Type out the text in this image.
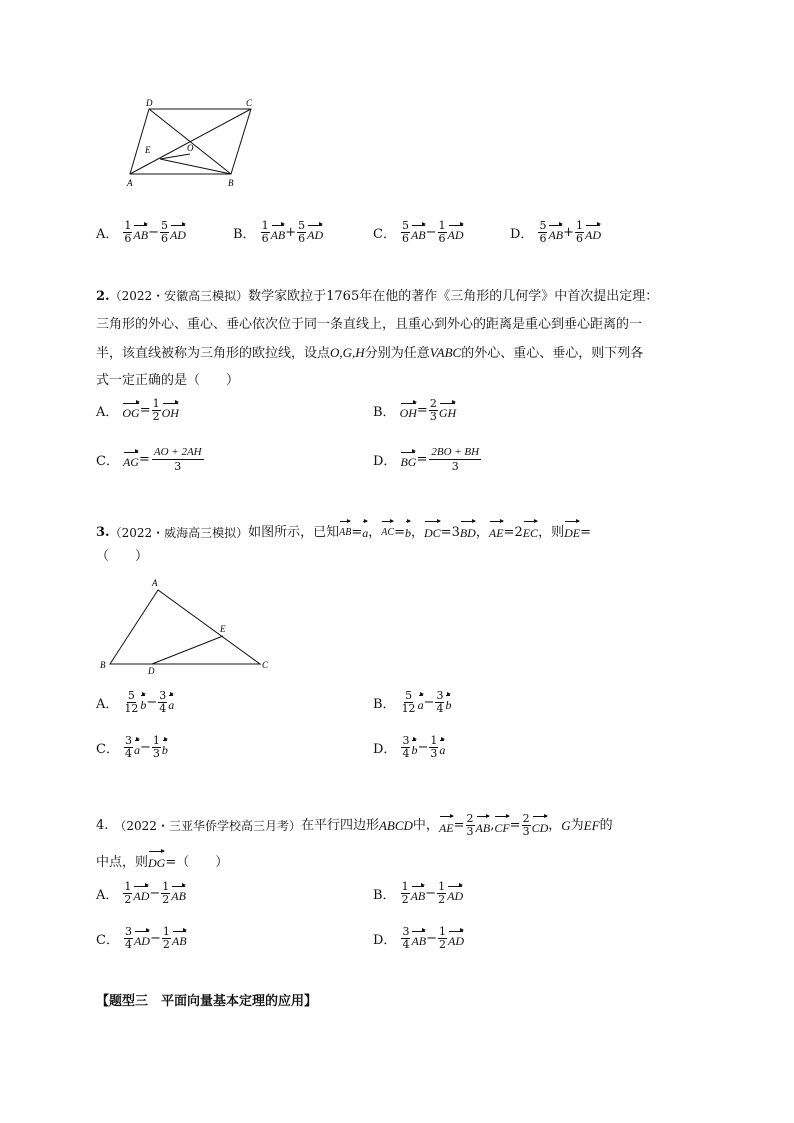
D	C
E	O
A	B
A． $\frac{1}{6}$ AB − $\frac{5}{6}$ AD	B． $\frac{1}{6}$ AB + $\frac{5}{6}$ AD	C． $\frac{5}{6}$ AB − $\frac{1}{6}$ AD	D． $\frac{5}{6}$ AB + $\frac{1}{6}$ AD
2.（2022・安徽高三模拟）数学家欧拉于1765年在他的著作《三角形的几何学》中首次提出定理：
三角形的外心、重心、垂心依次位于同一条直线上，且重心到外心的距离是重心到垂心距离的一
半，该直线被称为三角形的欧拉线，设点O,G,H分别为任意VABC的外心、重心、垂心，则下列各
式一定正确的是（　　）
A． OG = $\frac{1}{2}$ OH	B． OH = $\frac{2}{3}$ GH
C． AG = $\frac{AO + 2AH}{3}$	D． BG = $\frac{2BO + BH}{3}$
3. （2022・威海高三模拟） 如图所示，已知 AB = a ， AC = b ， DC = 3 BD ， AE = 2 EC ，则 DE =
（　　）
A
E
B
D
C
A． $\frac{5}{12}$ $b - \frac{3}{4}$ a	B． $\frac{5}{12}$ $a - \frac{3}{4}$ b
C． $\frac{3}{4}$ $a - \frac{1}{3}$ b	D． $\frac{3}{4}$ $b - \frac{1}{3}$ a
4. （2022・三亚华侨学校高三月考） 在平行四边形 ABCD 中， AE = $\frac{2}{3}$ AB , CF = $\frac{2}{3}$ CD ， G 为 EF 的
中点，则 DG =（　　）
A． $\frac{1}{2}$ AD − $\frac{1}{2}$ AB	B． $\frac{1}{2}$ AB − $\frac{1}{2}$ AD
C． $\frac{3}{4}$ AD − $\frac{1}{2}$ AB	D． $\frac{3}{4}$ AB − $\frac{1}{2}$ AD
【题型三　平面向量基本定理的应用】
